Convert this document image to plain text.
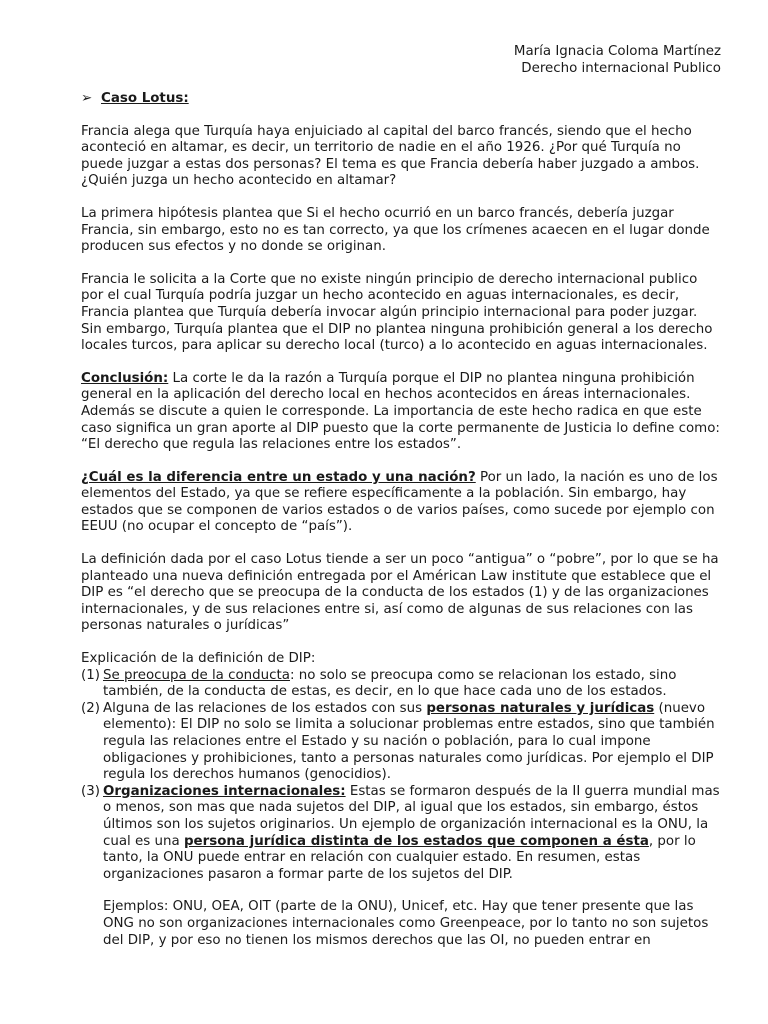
María Ignacia Coloma Martínez
Derecho internacional Publico
➢ Caso Lotus:

Francia alega que Turquía haya enjuiciado al capital del barco francés, siendo que el hecho aconteció en altamar, es decir, un territorio de nadie en el año 1926. ¿Por qué Turquía no puede juzgar a estas dos personas? El tema es que Francia debería haber juzgado a ambos. ¿Quién juzga un hecho acontecido en altamar?

La primera hipótesis plantea que Si el hecho ocurrió en un barco francés, debería juzgar Francia, sin embargo, esto no es tan correcto, ya que los crímenes acaecen en el lugar donde producen sus efectos y no donde se originan.

Francia le solicita a la Corte que no existe ningún principio de derecho internacional publico por el cual Turquía podría juzgar un hecho acontecido en aguas internacionales, es decir, Francia plantea que Turquía debería invocar algún principio internacional para poder juzgar. Sin embargo, Turquía plantea que el DIP no plantea ninguna prohibición general a los derecho locales turcos, para aplicar su derecho local (turco) a lo acontecido en aguas internacionales.

Conclusión: La corte le da la razón a Turquía porque el DIP no plantea ninguna prohibición general en la aplicación del derecho local en hechos acontecidos en áreas internacionales. Además se discute a quien le corresponde. La importancia de este hecho radica en que este caso significa un gran aporte al DIP puesto que la corte permanente de Justicia lo define como: “El derecho que regula las relaciones entre los estados”.

¿Cuál es la diferencia entre un estado y una nación? Por un lado, la nación es uno de los elementos del Estado, ya que se refiere específicamente a la población. Sin embargo, hay estados que se componen de varios estados o de varios países, como sucede por ejemplo con EEUU (no ocupar el concepto de “país”).

La definición dada por el caso Lotus tiende a ser un poco “antigua” o “pobre”, por lo que se ha planteado una nueva definición entregada por el Américan Law institute que establece que el DIP es “el derecho que se preocupa de la conducta de los estados (1) y de las organizaciones internacionales, y de sus relaciones entre si, así como de algunas de sus relaciones con las personas naturales o jurídicas”

Explicación de la definición de DIP:
(1) Se preocupa de la conducta: no solo se preocupa como se relacionan los estado, sino también, de la conducta de estas, es decir, en lo que hace cada uno de los estados.
(2) Alguna de las relaciones de los estados con sus personas naturales y jurídicas (nuevo elemento): El DIP no solo se limita a solucionar problemas entre estados, sino que también regula las relaciones entre el Estado y su nación o población, para lo cual impone obligaciones y prohibiciones, tanto a personas naturales como jurídicas. Por ejemplo el DIP regula los derechos humanos (genocidios).
(3) Organizaciones internacionales: Estas se formaron después de la II guerra mundial mas o menos, son mas que nada sujetos del DIP, al igual que los estados, sin embargo, éstos últimos son los sujetos originarios. Un ejemplo de organización internacional es la ONU, la cual es una persona jurídica distinta de los estados que componen a ésta, por lo tanto, la ONU puede entrar en relación con cualquier estado. En resumen, estas organizaciones pasaron a formar parte de los sujetos del DIP.
Ejemplos: ONU, OEA, OIT (parte de la ONU), Unicef, etc. Hay que tener presente que las ONG no son organizaciones internacionales como Greenpeace, por lo tanto no son sujetos del DIP, y por eso no tienen los mismos derechos que las OI, no pueden entrar en
